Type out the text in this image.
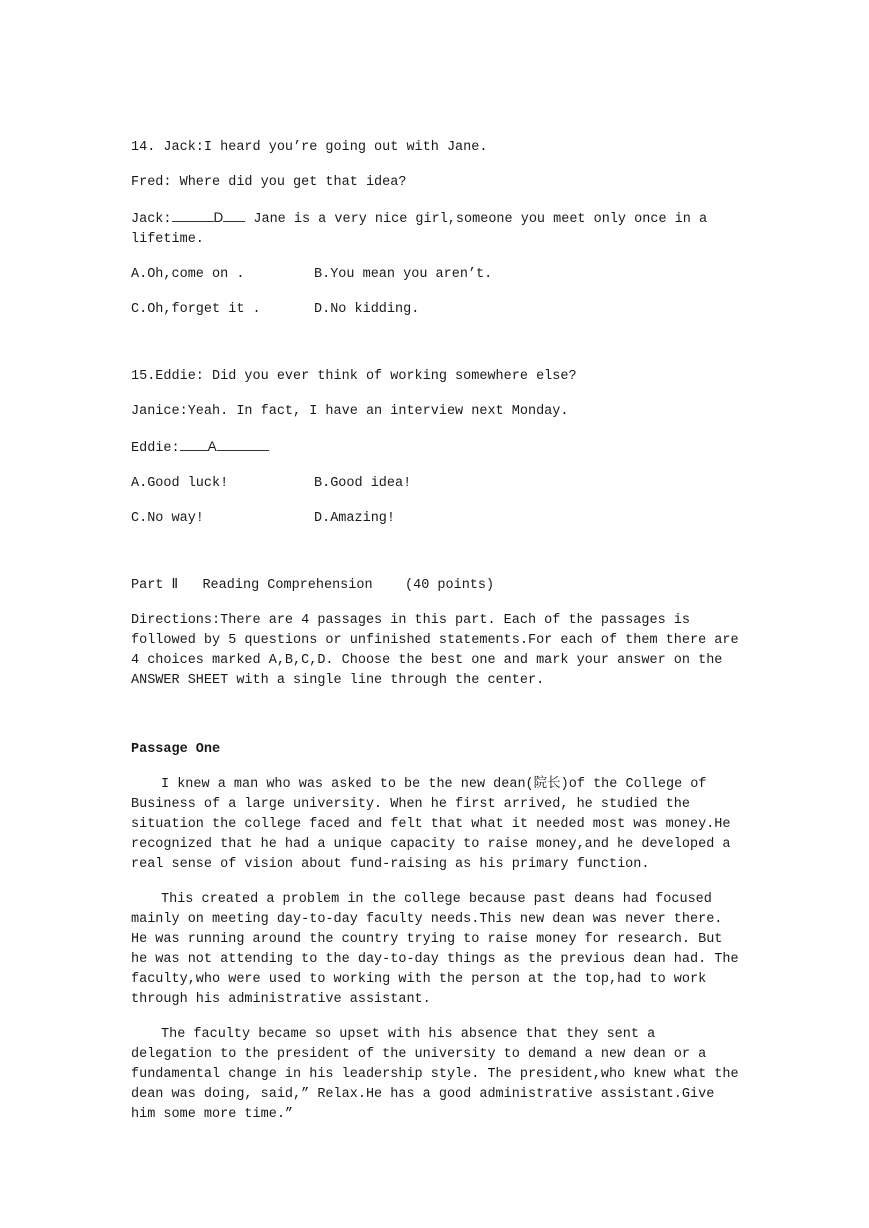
14. Jack:I heard you’re going out with Jane.

Fred: Where did you get that idea?

Jack:	D Jane is a very nice girl,someone you meet only once in a lifetime.

A.Oh,come on .	B.You mean you aren’t.
C.Oh,forget it .	D.No kidding.

15.Eddie: Did you ever think of working somewhere else?

Janice:Yeah. In fact, I have an interview next Monday.

Eddie: A

A.Good luck!	B.Good idea!
C.No way!	D.Amazing!

Part Ⅱ   Reading Comprehension    (40 points)

Directions:There are 4 passages in this part. Each of the passages is followed by 5 questions or unfinished statements.For each of them there are 4 choices marked A,B,C,D. Choose the best one and mark your answer on the ANSWER SHEET with a single line through the center.

Passage One

I knew a man who was asked to be the new dean(院长)of the College of Business of a large university. When he first arrived, he studied the situation the college faced and felt that what it needed most was money.He recognized that he had a unique capacity to raise money,and he developed a real sense of vision about fund-raising as his primary function.

This created a problem in the college because past deans had focused mainly on meeting day-to-day faculty needs.This new dean was never there. He was running around the country trying to raise money for research. But he was not attending to the day-to-day things as the previous dean had. The faculty,who were used to working with the person at the top,had to work through his administrative assistant.

The faculty became so upset with his absence that they sent a delegation to the president of the university to demand a new dean or a fundamental change in his leadership style. The president,who knew what the dean was doing, said,” Relax.He has a good administrative assistant.Give him some more time.”
